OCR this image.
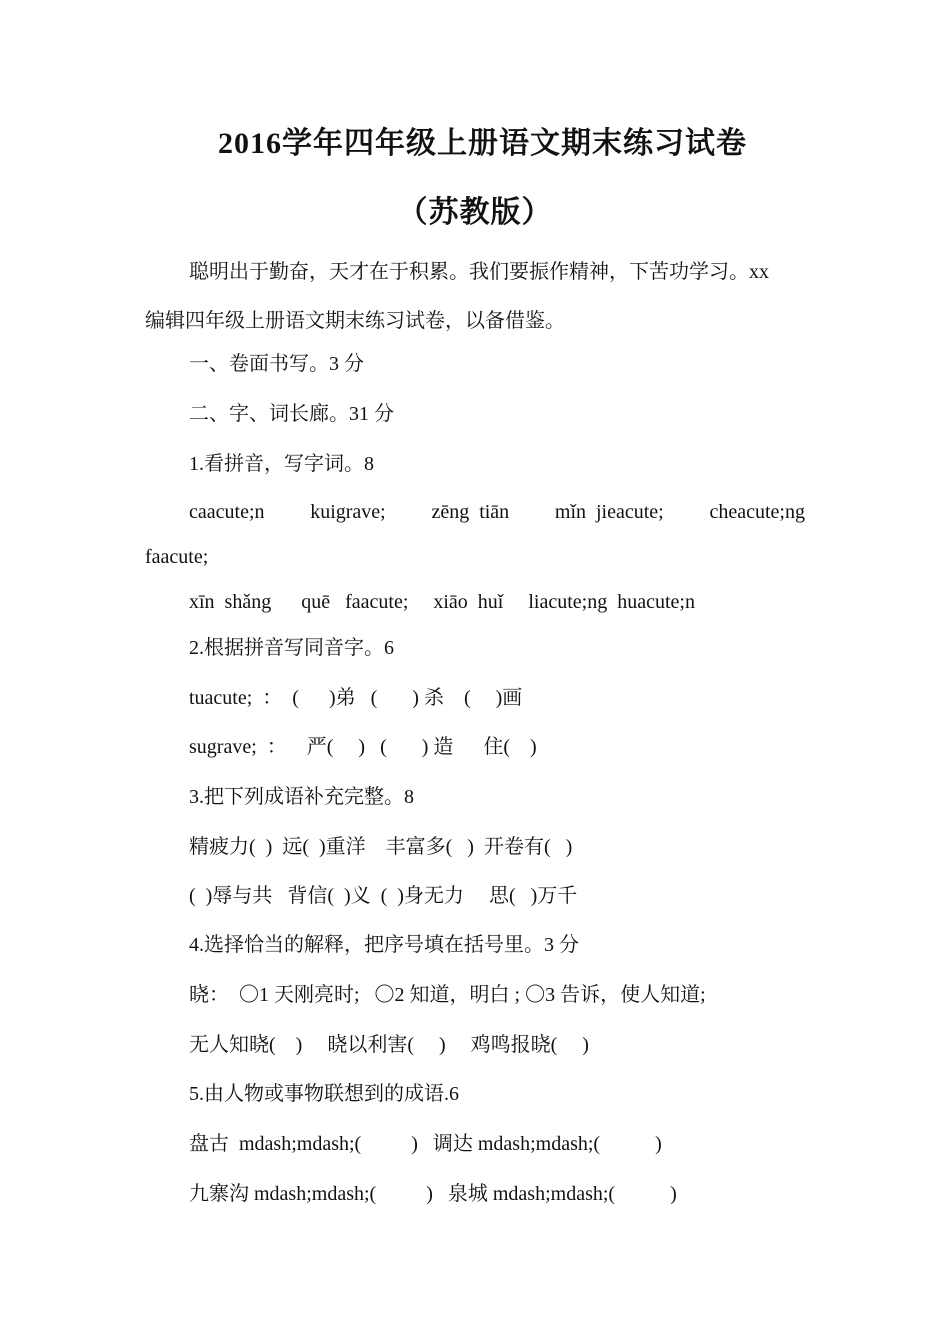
2016学年四年级上册语文期末练习试卷
（苏教版）
聪明出于勤奋，天才在于积累。我们要振作精神，下苦功学习。xx
编辑四年级上册语文期末练习试卷，以备借鉴。
一、卷面书写。3 分
二、字、词长廊。31 分
1.看拼音，写字词。8
caacute;n kuigrave; zēng  tiān mǐn  jieacute; cheacute;ng
faacute;
xīn  shǎng      quē   faacute;     xiāo  huǐ     liacute;ng  huacute;n
2.根据拼音写同音字。6
tuacute;  ：  (      )弟   (       ) 杀    (     )画
sugrave;  ：    严(     )   (       ) 造      住(    )
3.把下列成语补充完整。8
精疲力(  )  远(  )重洋    丰富多(   )  开卷有(   )
(  )辱与共   背信(  )义  (  )身无力     思(   )万千
4.选择恰当的解释，把序号填在括号里。3 分
晓：  〇1 天刚亮时;   〇2 知道，明白 ; 〇3 告诉，使人知道;
无人知晓(    )     晓以利害(     )     鸡鸣报晓(     )
5.由人物或事物联想到的成语.6
盘古  mdash;mdash;(          )   调达 mdash;mdash;(           )
九寨沟 mdash;mdash;(          )   泉城 mdash;mdash;(           )
